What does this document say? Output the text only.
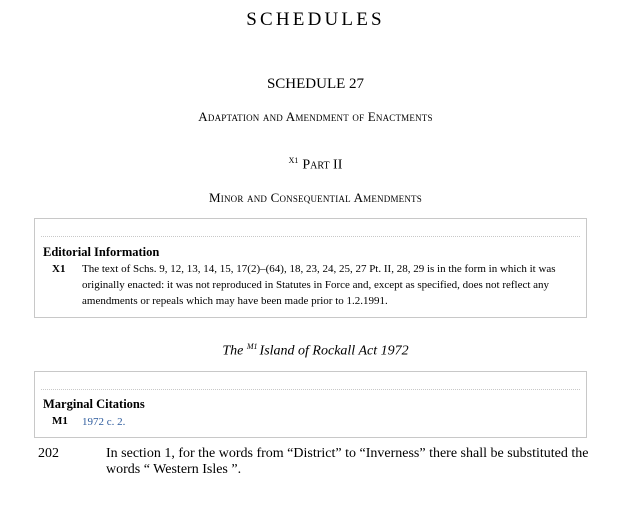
SCHEDULES
SCHEDULE 27
Adaptation and Amendment of Enactments
$^{X1}$ Part II
Minor and Consequential Amendments
Editorial Information
X1 The text of Schs. 9, 12, 13, 14, 15, 17(2)–(64), 18, 23, 24, 25, 27 Pt. II, 28, 29 is in the form in which it was originally enacted: it was not reproduced in Statutes in Force and, except as specified, does not reflect any amendments or repeals which may have been made prior to 1.2.1991.
The $^{M1}$ Island of Rockall Act 1972
Marginal Citations
M1 1972 c. 2.
202	In section 1, for the words from “District” to “Inverness” there shall be substituted the words “ Western Isles ”.
